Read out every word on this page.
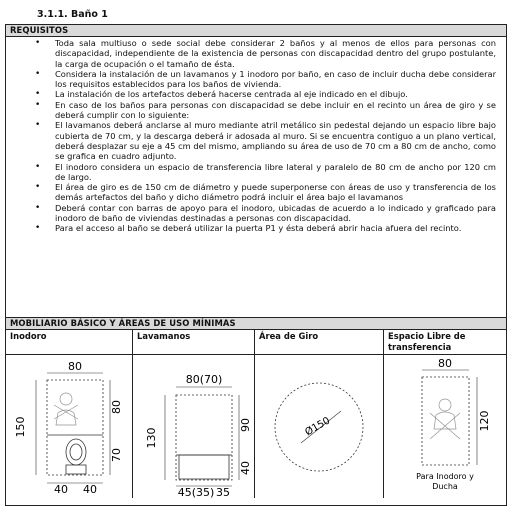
3.1.1. Baño 1
REQUISITOS
• Toda sala multiuso o sede social debe considerar 2 baños y al menos de ellos para personas con discapacidad, independiente de la existencia de personas con discapacidad dentro del grupo postulante, la carga de ocupación o el tamaño de ésta.
• Considera la instalación de un lavamanos y 1 inodoro por baño, en caso de incluir ducha debe considerar los requisitos establecidos para los baños de vivienda.
• La instalación de los artefactos deberá hacerse centrada al eje indicado en el dibujo.
• En caso de los baños para personas con discapacidad se debe incluir en el recinto un área de giro y se deberá cumplir con lo siguiente:
• El lavamanos deberá anclarse al muro mediante atril metálico sin pedestal dejando un espacio libre bajo cubierta de 70 cm, y la descarga deberá ir adosada al muro. Si se encuentra contiguo a un plano vertical, deberá desplazar su eje a 45 cm del mismo, ampliando su área de uso de 70 cm a 80 cm de ancho, como se grafica en cuadro adjunto.
• El inodoro considera un espacio de transferencia libre lateral y paralelo de 80 cm de ancho por 120 cm de largo.
• El área de giro es de 150 cm de diámetro y puede superponerse con áreas de uso y transferencia de los demás artefactos del baño y dicho diámetro podrá incluir el área bajo el lavamanos
• Deberá contar con barras de apoyo para el inodoro, ubicadas de acuerdo a lo indicado y graficado para inodoro de baño de viviendas destinadas a personas con discapacidad.
• Para el acceso al baño se deberá utilizar la puerta P1 y ésta deberá abrir hacia afuera del recinto.
MOBILIARIO BÁSICO Y ÁREAS DE USO MÍNIMAS
Inodoro	Lavamanos	Área de Giro	Espacio Libre de transferencia
80
150
80
70
40 40
80(70)
130
90
40
45(35) 35
Ø150
80
120
Para Inodoro y
Ducha
